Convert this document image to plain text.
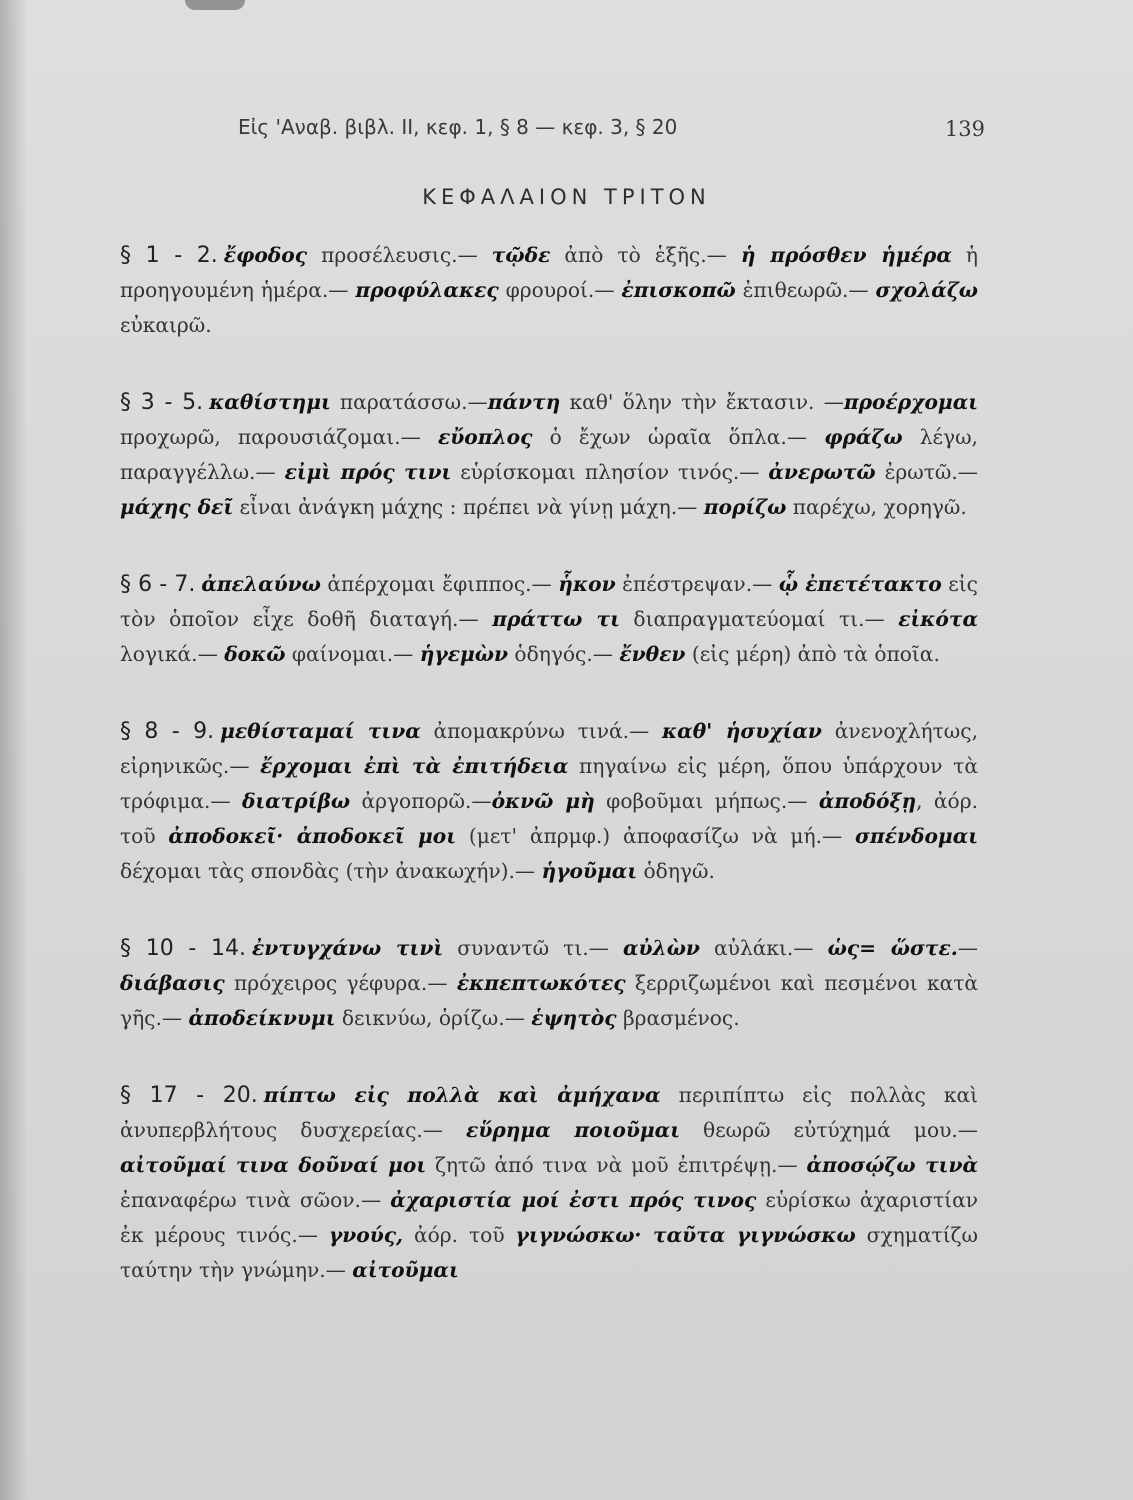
Εἰς 'Αναβ. βιβλ. II, κεφ. 1, § 8 — κεφ. 3, § 20	139
ΚΕΦΑΛΑΙΟΝ ΤΡΙΤΟΝ

§ 1 - 2. ἔφοδος προσέλευσις.— τῷδε ἀπὸ τὸ ἑξῆς.— ἡ πρόσθεν ἡμέρα ἡ προηγουμένη ἡμέρα.— προφύλακες φρουροί.— ἐπισκοπῶ ἐπιθεωρῶ.— σχολάζω εὐκαιρῶ.

§ 3 - 5. καθίστημι παρατάσσω.—πάντη καθ' ὅλην τὴν ἔκτασιν. —προέρχομαι προχωρῶ, παρουσιάζομαι.— εὔοπλος ὁ ἔχων ὡραῖα ὅπλα.— φράζω λέγω, παραγγέλλω.— εἰμὶ πρός τινι εὑρίσκομαι πλησίον τινός.— ἀνερωτῶ ἐρωτῶ.— μάχης δεῖ εἶναι ἀνάγκη μάχης : πρέπει νὰ γίνῃ μάχη.— πορίζω παρέχω, χορηγῶ.

§ 6 - 7. ἀπελαύνω ἀπέρχομαι ἔφιππος.— ἧκον ἐπέστρεψαν.— ᾧ ἐπετέτακτο εἰς τὸν ὁποῖον εἶχε δοθῆ διαταγή.— πράττω τι διαπραγματεύομαί τι.— εἰκότα λογικά.— δοκῶ φαίνομαι.— ἡγεμὼν ὁδηγός.— ἔνθεν (εἰς μέρη) ἀπὸ τὰ ὁποῖα.

§ 8 - 9. μεθίσταμαί τινα ἀπομακρύνω τινά.— καθ' ἡσυχίαν ἀνενοχλήτως, εἰρηνικῶς.— ἔρχομαι ἐπὶ τὰ ἐπιτήδεια πηγαίνω εἰς μέρη, ὅπου ὑπάρχουν τὰ τρόφιμα.— διατρίβω ἀργοπορῶ.—ὀκνῶ μὴ φοβοῦμαι μήπως.— ἀποδόξῃ, ἀόρ. τοῦ ἀποδοκεῖ· ἀποδοκεῖ μοι (μετ' ἀπρμφ.) ἀποφασίζω νὰ μή.— σπένδομαι δέχομαι τὰς σπονδὰς (τὴν ἀνακωχήν).— ἡγοῦμαι ὁδηγῶ.

§ 10 - 14. ἐντυγχάνω τινὶ συναντῶ τι.— αὐλὼν αὐλάκι.— ὡς= ὥστε.—διάβασις πρόχειρος γέφυρα.— ἐκπεπτωκότες ξερριζωμένοι καὶ πεσμένοι κατὰ γῆς.— ἀποδείκνυμι δεικνύω, ὁρίζω.— ἑψητὸς βρασμένος.

§ 17 - 20. πίπτω εἰς πολλὰ καὶ ἀμήχανα περιπίπτω εἰς πολλὰς καὶ ἀνυπερβλήτους δυσχερείας.— εὕρημα ποιοῦμαι θεωρῶ εὐτύχημά μου.—αἰτοῦμαί τινα δοῦναί μοι ζητῶ ἀπό τινα νὰ μοῦ ἐπιτρέψῃ.— ἀποσῴζω τινὰ ἐπαναφέρω τινὰ σῶον.— ἀχαριστία μοί ἐστι πρός τινος εὑρίσκω ἀχαριστίαν ἐκ μέρους τινός.— γνούς, ἀόρ. τοῦ γιγνώσκω· ταῦτα γιγνώσκω σχηματίζω ταύτην τὴν γνώμην.— αἰτοῦμαι
